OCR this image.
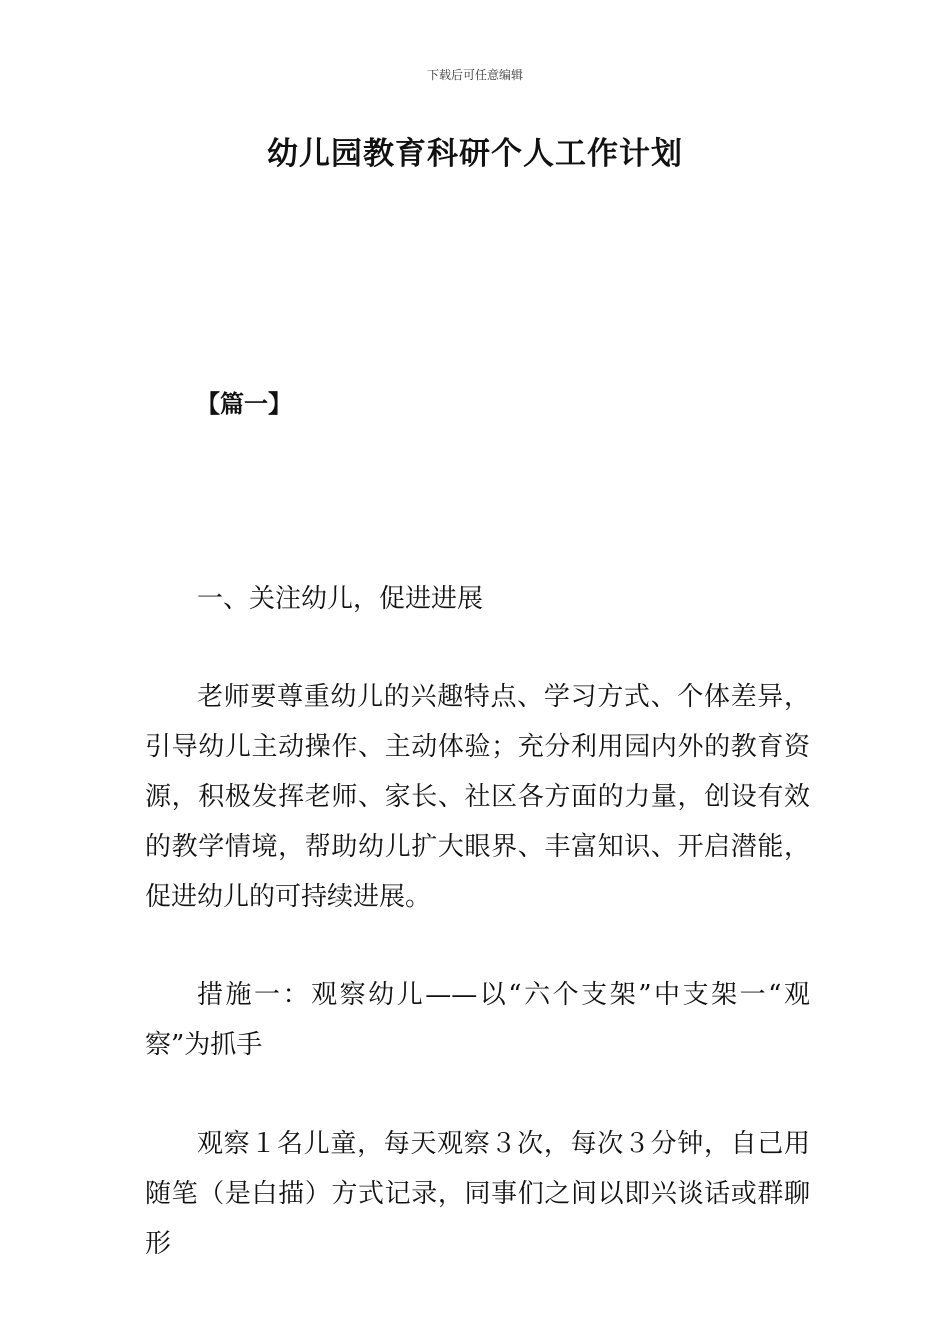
下载后可任意编辑
幼儿园教育科研个人工作计划
【篇一】

一、关注幼儿，促进进展

老师要尊重幼儿的兴趣特点、学习方式、个体差异，引导幼儿主动操作、主动体验；充分利用园内外的教育资源，积极发挥老师、家长、社区各方面的力量，创设有效的教学情境，帮助幼儿扩大眼界、丰富知识、开启潜能，促进幼儿的可持续进展。

措施一：观察幼儿——以“六个支架”中支架一“观察”为抓手

观察１名儿童，每天观察３次，每次３分钟，自己用随笔（是白描）方式记录，同事们之间以即兴谈话或群聊形
